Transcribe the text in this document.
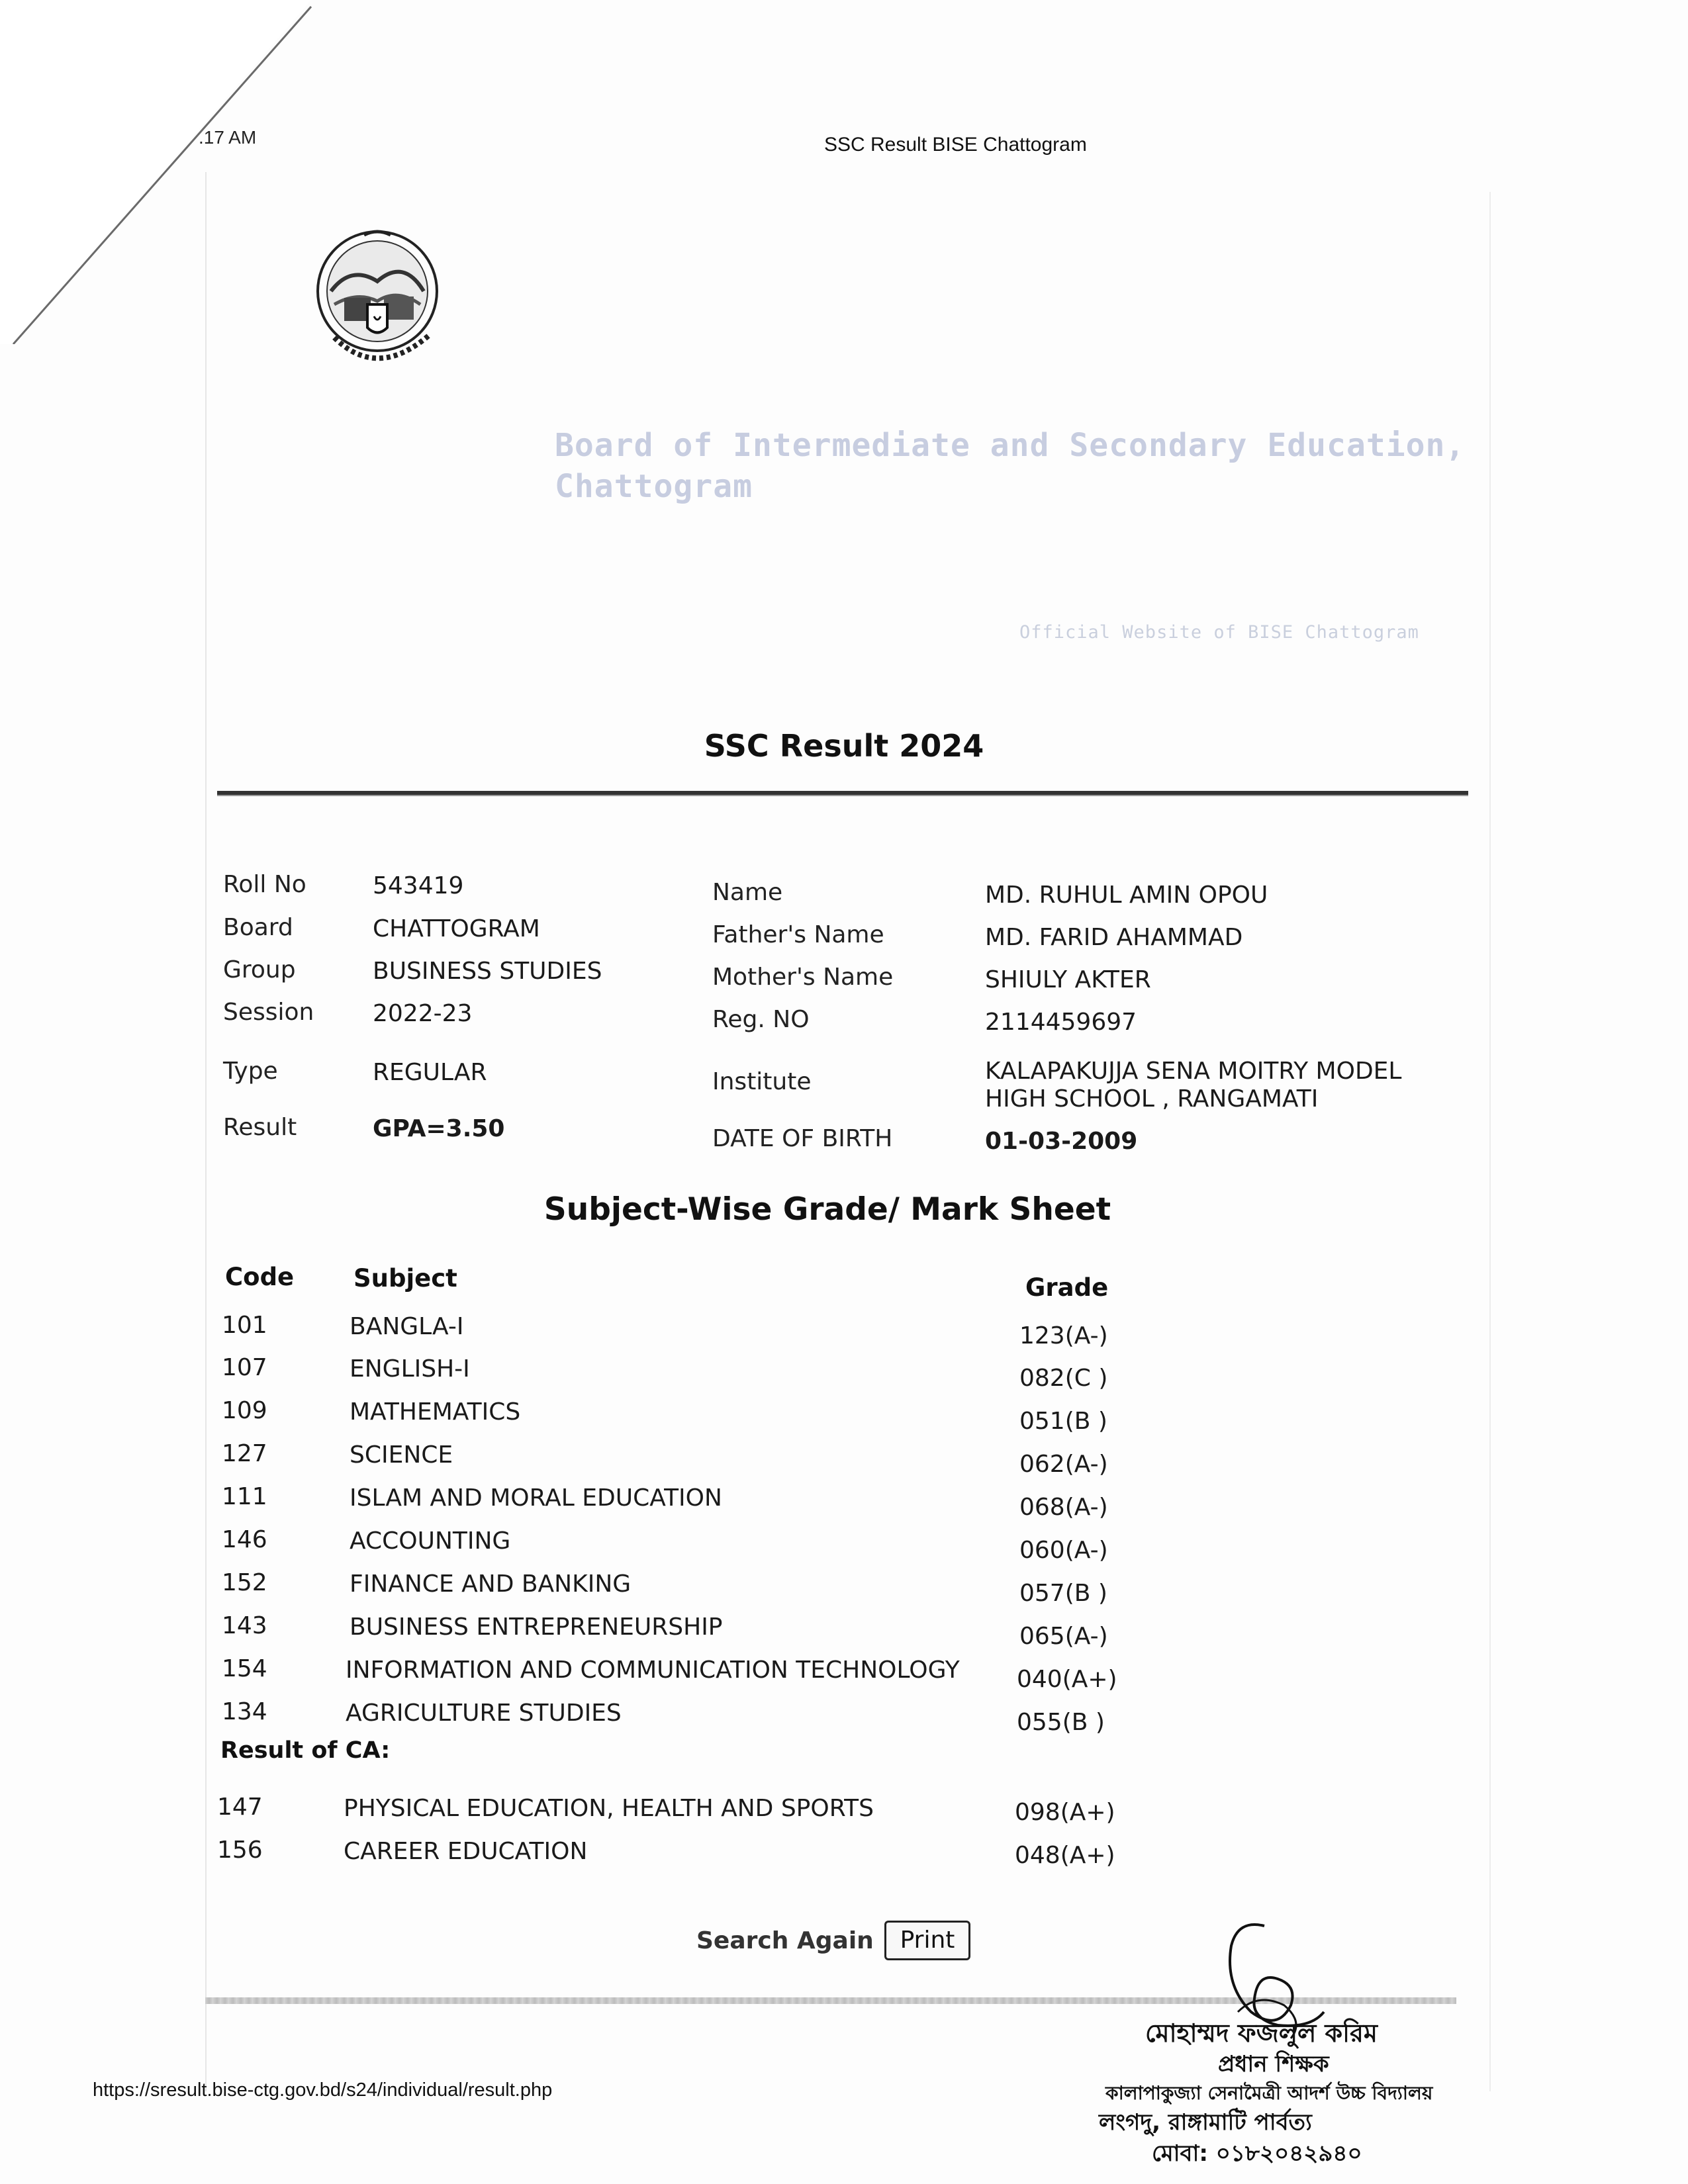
.17 AM	SSC Result BISE Chattogram
Board of Intermediate and Secondary Education, Chattogram
Official Website of BISE Chattogram
SSC Result 2024
Roll No	543419
Board	CHATTOGRAM
Group	BUSINESS STUDIES
Session 2022-23
Type	REGULAR
Result	GPA=3.50
Name	MD. RUHUL AMIN OPOU
Father's Name	MD. FARID AHAMMAD
Mother's Name	SHIULY AKTER
Reg. NO	2114459697
Institute	KALAPAKUJJA SENA MOITRY MODEL
HIGH SCHOOL , RANGAMATI
DATE OF BIRTH	01-03-2009
Subject-Wise Grade/ Mark Sheet
Code Subject	Grade
101	BANGLA-I	123(A-)
107	ENGLISH-I	082(C )
109	MATHEMATICS	051(B )
127	SCIENCE	062(A-)
111	ISLAM AND MORAL EDUCATION	068(A-)
146	ACCOUNTING	060(A-)
152	FINANCE AND BANKING	057(B )
143	BUSINESS ENTREPRENEURSHIP	065(A-)
154	INFORMATION AND COMMUNICATION TECHNOLOGY 040(A+)
134	AGRICULTURE STUDIES	055(B )
Result of CA:
147	PHYSICAL EDUCATION, HEALTH AND SPORTS	098(A+)
156	CAREER EDUCATION	048(A+)
Search Again	Print
https://sresult.bise-ctg.gov.bd/s24/individual/result.php
মোহাম্মদ ফজলুল করিম
প্রধান শিক্ষক
কালাপাকুজ্যা সেনামৈত্রী আদর্শ উচ্চ বিদ্যালয়
লংগদু, রাঙ্গামাটি পার্বত্য
মোবা: ০১৮২০৪২৯৪০
